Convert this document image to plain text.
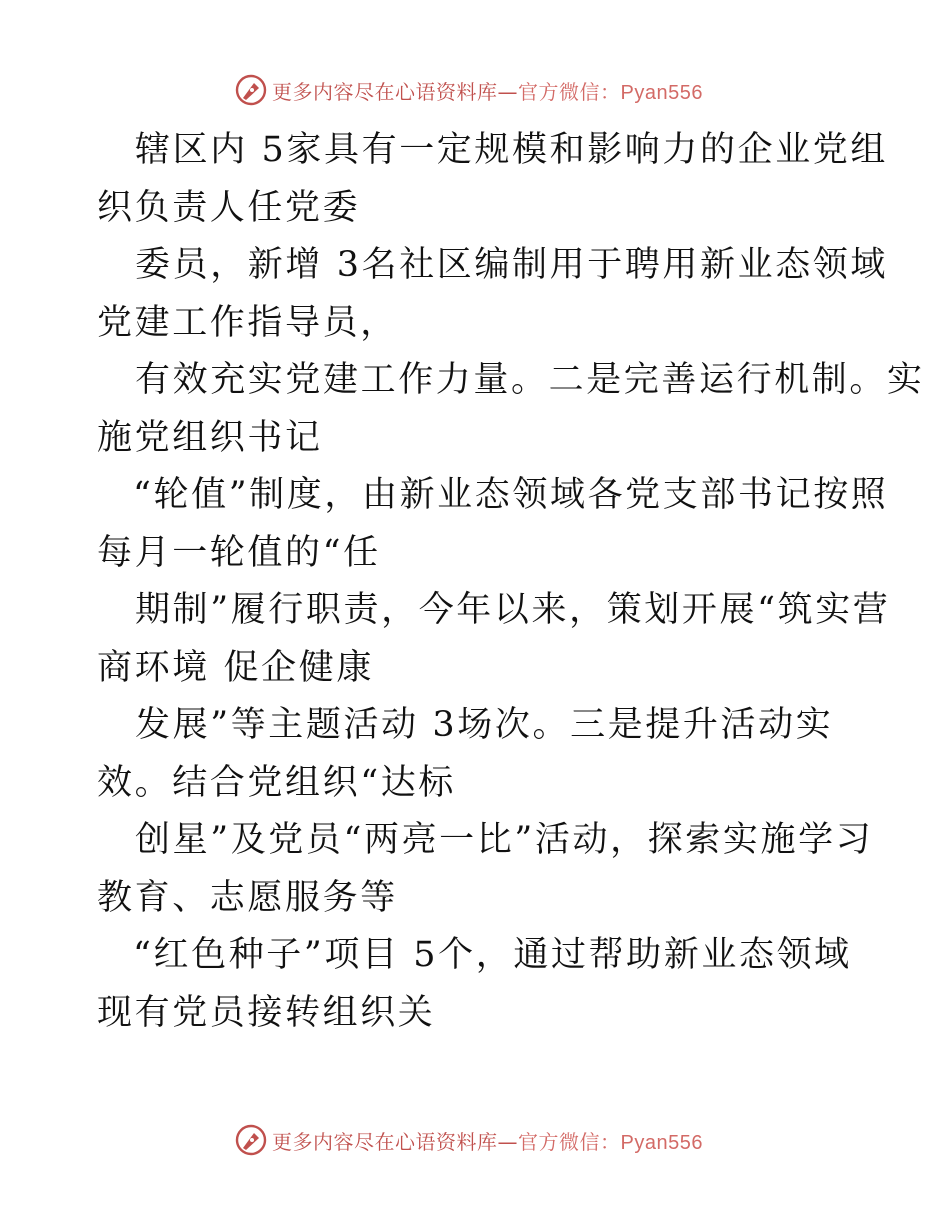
更多内容尽在心语资料库—官方微信：Pyan556
辖区内 5家具有一定规模和影响力的企业党组
织负责人任党委
委员，新增 3名社区编制用于聘用新业态领域
党建工作指导员，
有效充实党建工作力量。二是完善运行机制。实
施党组织书记
“轮值”制度，由新业态领域各党支部书记按照
每月一轮值的“任
期制”履行职责，今年以来，策划开展“筑实营
商环境 促企健康
发展”等主题活动 3场次。三是提升活动实
效。结合党组织“达标
创星”及党员“两亮一比”活动，探索实施学习
教育、志愿服务等
“红色种子”项目 5个，通过帮助新业态领域
现有党员接转组织关
更多内容尽在心语资料库—官方微信：Pyan556
